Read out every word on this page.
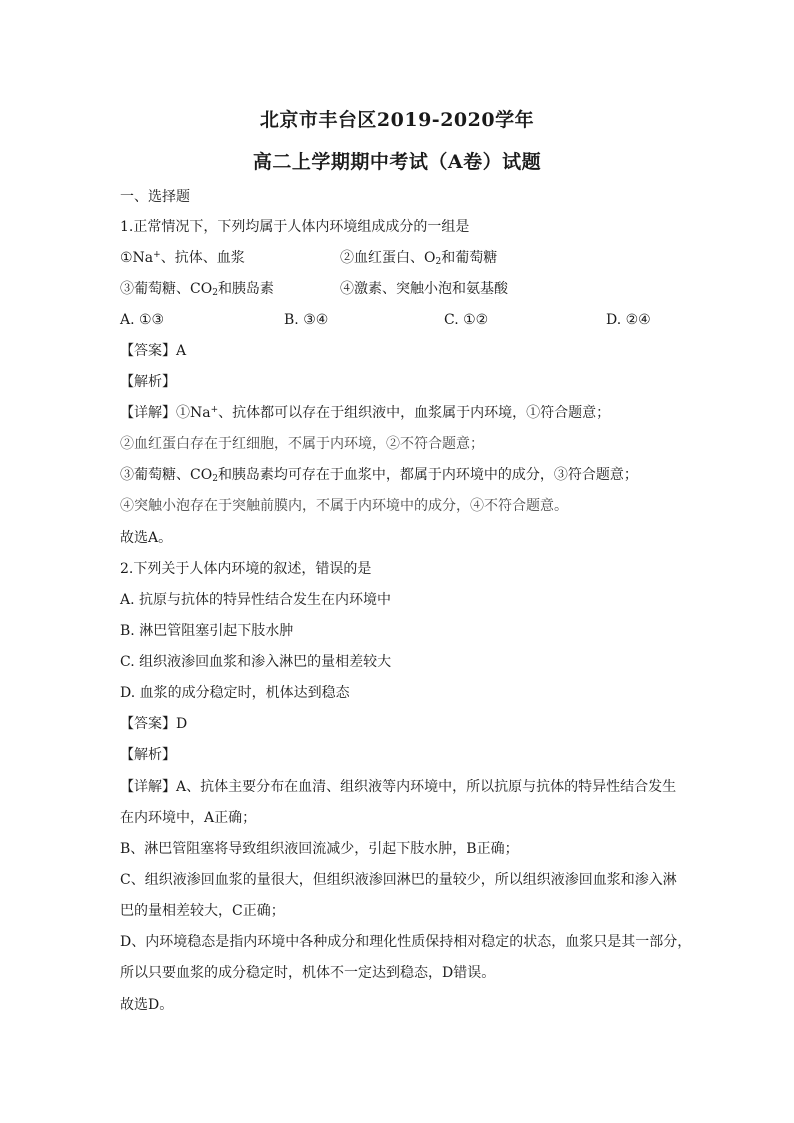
北京市丰台区2019-2020学年
高二上学期期中考试（A卷）试题
一、选择题
1.正常情况下，下列均属于人体内环境组成成分的一组是
①Na+、抗体、血浆	②血红蛋白、$O_2$和葡萄糖
③葡萄糖、$CO_2$和胰岛素	④激素、突触小泡和氨基酸
A. ①③	B. ③④	C. ①②	D. ②④
【答案】A
【解析】
【详解】①Na+、抗体都可以存在于组织液中，血浆属于内环境，①符合题意；
②血红蛋白存在于红细胞，不属于内环境，②不符合题意；
③葡萄糖、$CO_2$和胰岛素均可存在于血浆中，都属于内环境中的成分，③符合题意；
④突触小泡存在于突触前膜内，不属于内环境中的成分，④不符合题意。
故选A。
2.下列关于人体内环境的叙述，错误的是
A. 抗原与抗体的特异性结合发生在内环境中
B. 淋巴管阻塞引起下肢水肿
C. 组织液渗回血浆和渗入淋巴的量相差较大
D. 血浆的成分稳定时，机体达到稳态
【答案】D
【解析】
【详解】A、抗体主要分布在血清、组织液等内环境中，所以抗原与抗体的特异性结合发生
在内环境中，A正确；
B、淋巴管阻塞将导致组织液回流减少，引起下肢水肿，B正确；
C、组织液渗回血浆的量很大，但组织液渗回淋巴的量较少，所以组织液渗回血浆和渗入淋
巴的量相差较大，C正确；
D、内环境稳态是指内环境中各种成分和理化性质保持相对稳定的状态，血浆只是其一部分，
所以只要血浆的成分稳定时，机体不一定达到稳态，D错误。
故选D。
